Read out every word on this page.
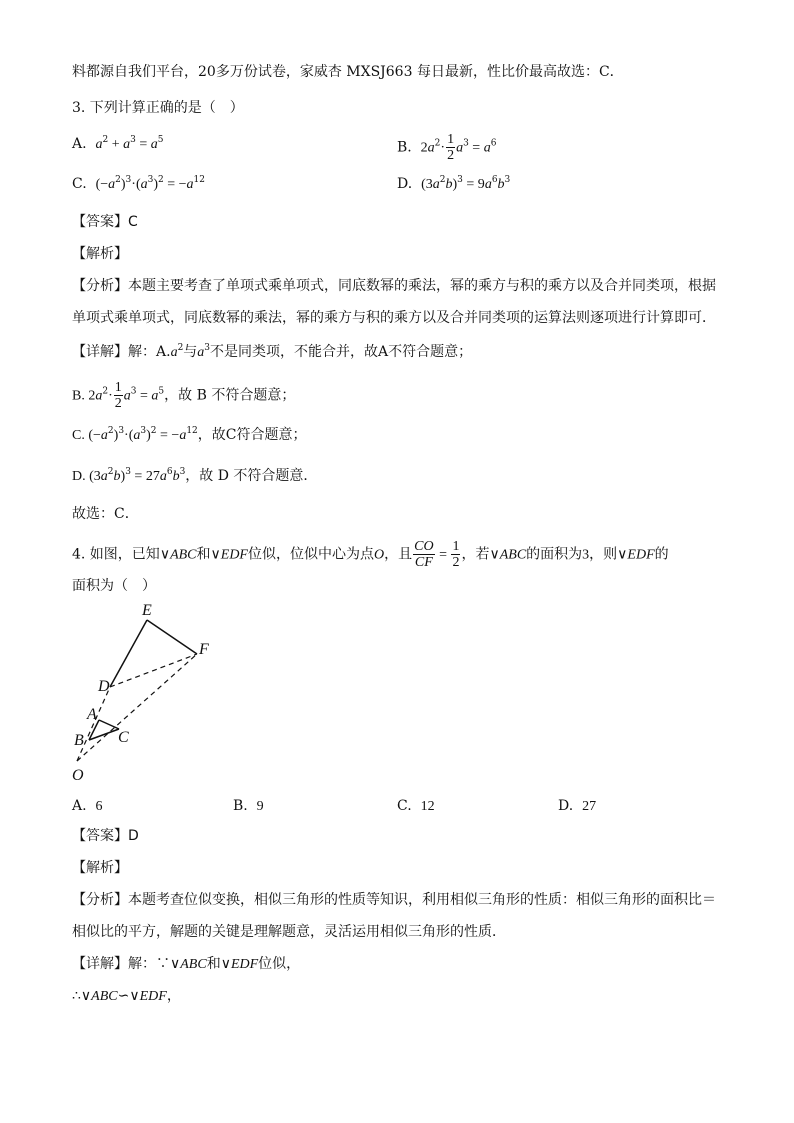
料都源自我们平台，20多万份试卷，家威杏 MXSJ663 每日最新，性比价最高故选：C．
3. 下列计算正确的是（　）
A. $a^2 + a^3 = a^5$	B. $2a^2\cdot \frac{1}{2} a^3 = a^6$
C. $(-a^2)^3\cdot(a^3)^2 = -a^{12}$	D. $(3a^2b)^3 = 9a^6b^3$
【答案】C
【解析】
【分析】本题主要考查了单项式乘单项式，同底数幂的乘法，幂的乘方与积的乘方以及合并同类项，根据
单项式乘单项式，同底数幂的乘法，幂的乘方与积的乘方以及合并同类项的运算法则逐项进行计算即可．
【详解】解：$A.a^2$与$a^3$不是同类项，不能合并，故A不符合题意；
B. $2a^2\cdot \frac{1}{2} a^3 = a^5$，故 B 不符合题意；
C. $(-a^2)^3\cdot(a^3)^2 = -a^{12}$，故C符合题意；
D. $(3a^2b)^3 = 27a^6b^3$，故 D 不符合题意．
故选：C．
4. 如图，已知∨ABC和∨EDF位似，位似中心为点O，且 $\frac{CO}{CF} = \frac{1}{2}$ ，若∨ABC的面积为3，则∨EDF的
面积为（　）
E
F
D
A
B C
O
A. 6	B. 9	C. 12	D. 27
【答案】D
【解析】
【分析】本题考查位似变换，相似三角形的性质等知识，利用相似三角形的性质：相似三角形的面积比＝
相似比的平方，解题的关键是理解题意，灵活运用相似三角形的性质．
【详解】解：∵∨ABC和∨EDF位似，
∴∨ABC∽∨EDF，
